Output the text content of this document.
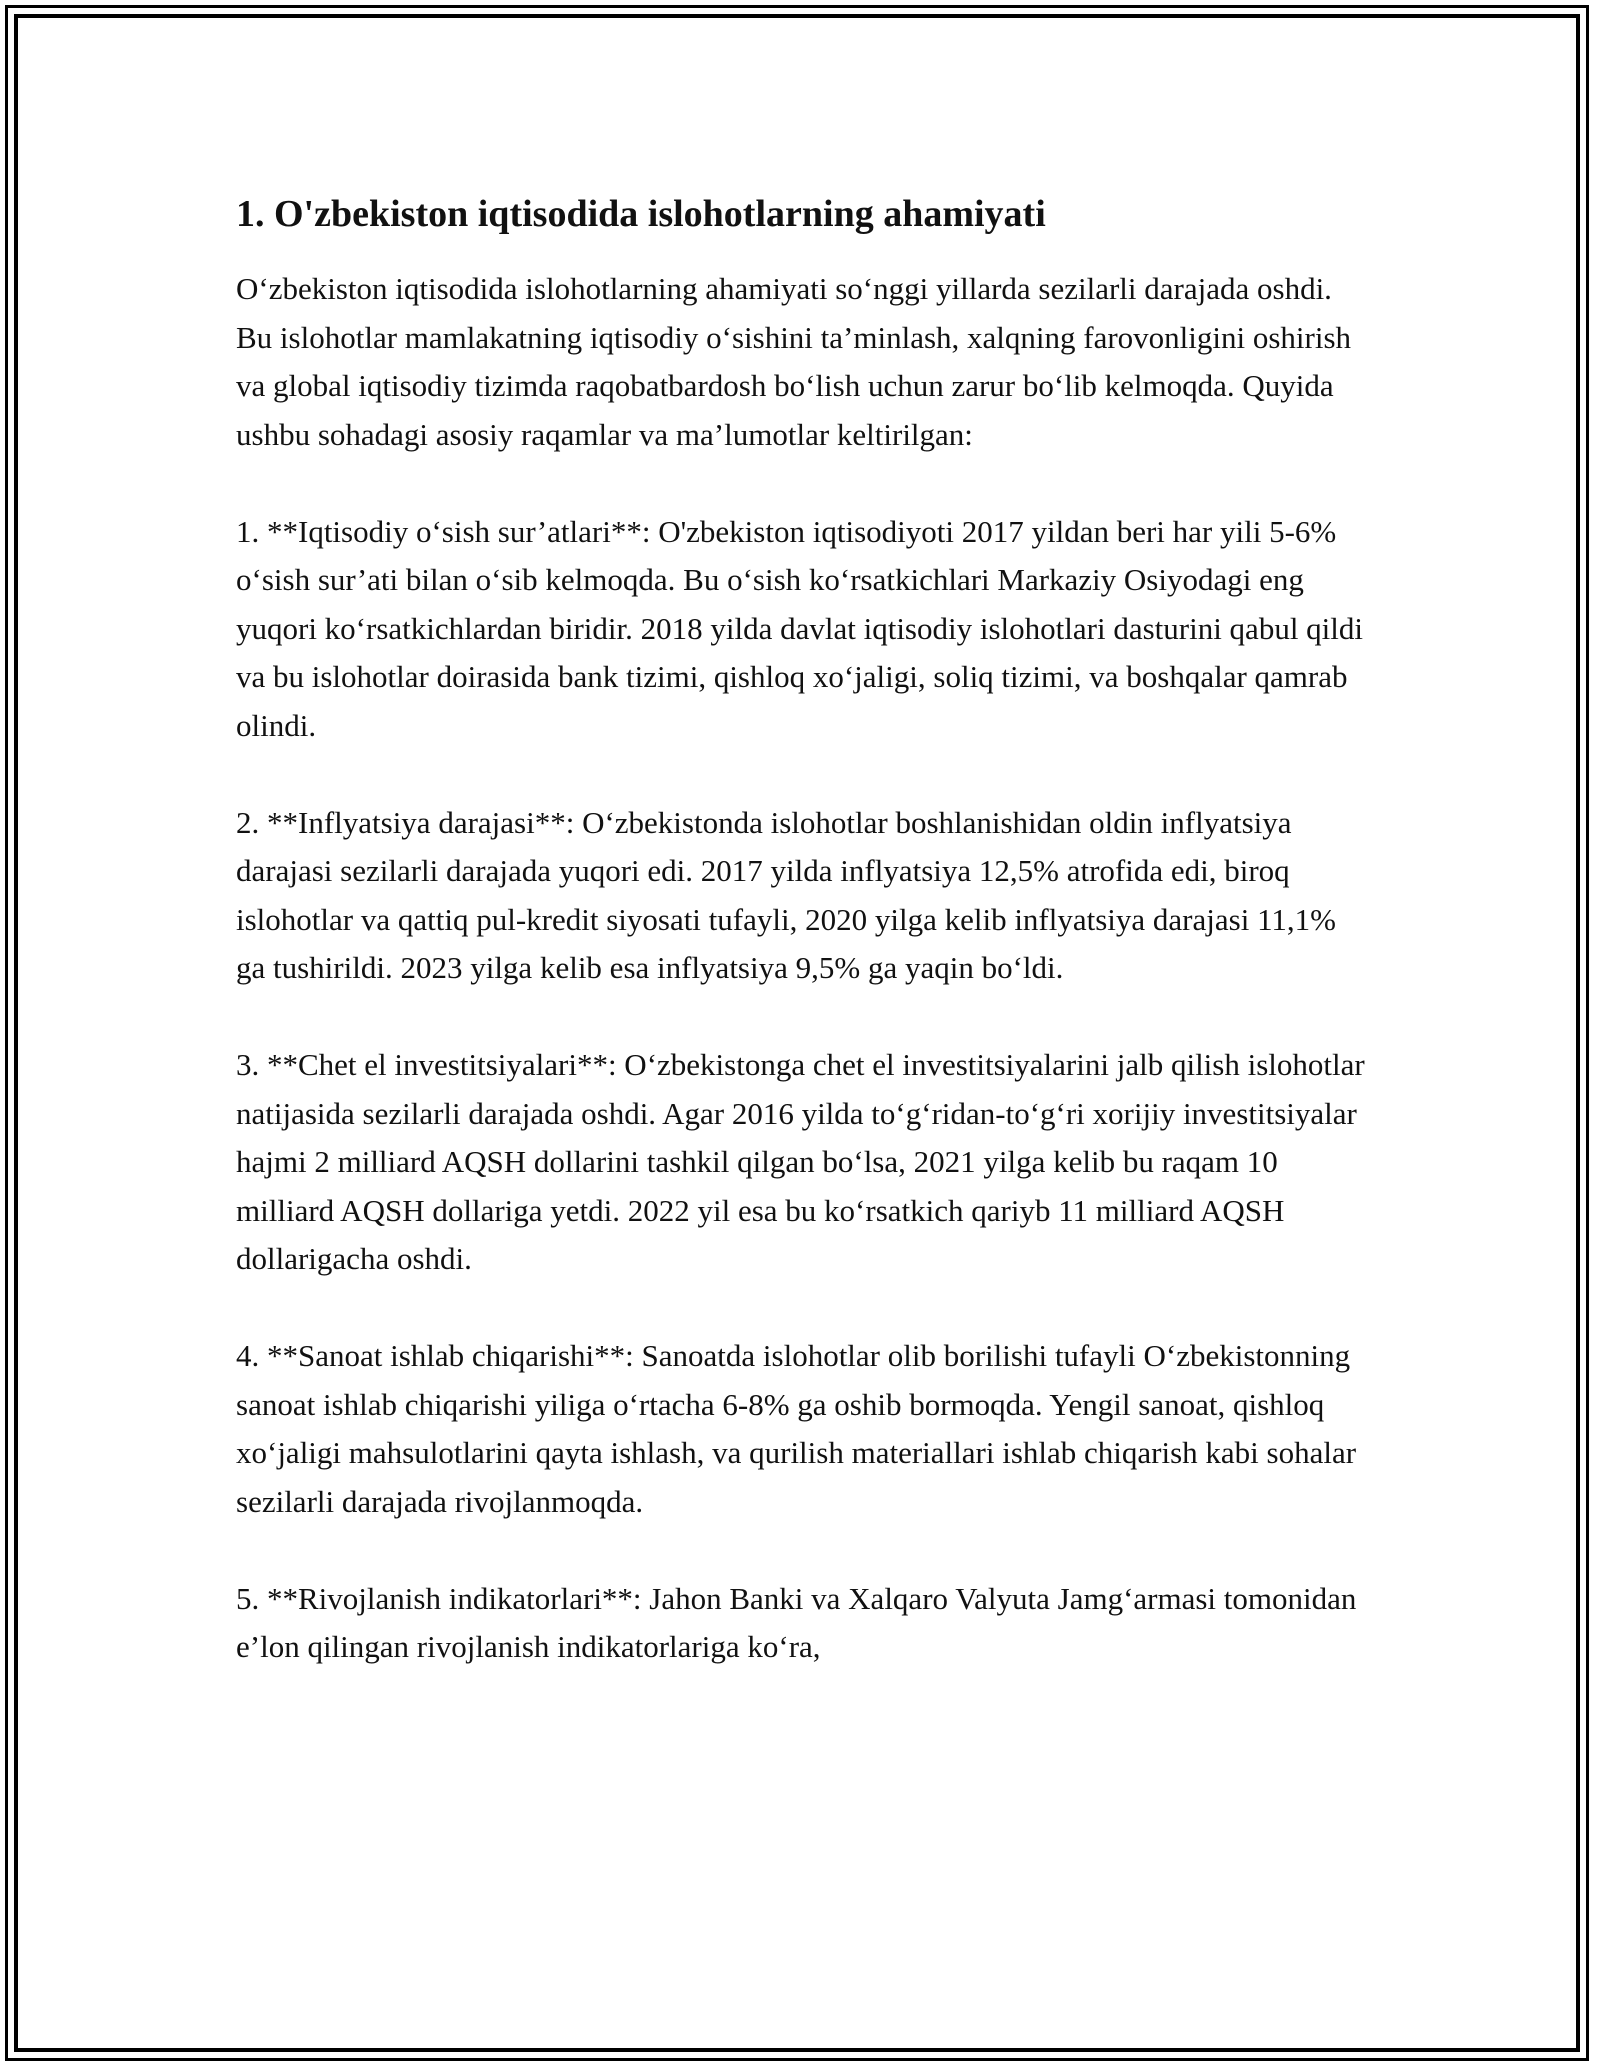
1. O'zbekiston iqtisodida islohotlarning ahamiyati

O‘zbekiston iqtisodida islohotlarning ahamiyati so‘nggi yillarda sezilarli darajada oshdi. Bu islohotlar mamlakatning iqtisodiy o‘sishini ta’minlash, xalqning farovonligini oshirish va global iqtisodiy tizimda raqobatbardosh bo‘lish uchun zarur bo‘lib kelmoqda. Quyida ushbu sohadagi asosiy raqamlar va ma’lumotlar keltirilgan:

1. **Iqtisodiy o‘sish sur’atlari**: O'zbekiston iqtisodiyoti 2017 yildan beri har yili 5-6% o‘sish sur’ati bilan o‘sib kelmoqda. Bu o‘sish ko‘rsatkichlari Markaziy Osiyodagi eng yuqori ko‘rsatkichlardan biridir. 2018 yilda davlat iqtisodiy islohotlari dasturini qabul qildi va bu islohotlar doirasida bank tizimi, qishloq xo‘jaligi, soliq tizimi, va boshqalar qamrab olindi.

2. **Inflyatsiya darajasi**: O‘zbekistonda islohotlar boshlanishidan oldin inflyatsiya darajasi sezilarli darajada yuqori edi. 2017 yilda inflyatsiya 12,5% atrofida edi, biroq islohotlar va qattiq pul-kredit siyosati tufayli, 2020 yilga kelib inflyatsiya darajasi 11,1% ga tushirildi. 2023 yilga kelib esa inflyatsiya 9,5% ga yaqin bo‘ldi.

3. **Chet el investitsiyalari**: O‘zbekistonga chet el investitsiyalarini jalb qilish islohotlar natijasida sezilarli darajada oshdi. Agar 2016 yilda to‘g‘ridan-to‘g‘ri xorijiy investitsiyalar hajmi 2 milliard AQSH dollarini tashkil qilgan bo‘lsa, 2021 yilga kelib bu raqam 10 milliard AQSH dollariga yetdi. 2022 yil esa bu ko‘rsatkich qariyb 11 milliard AQSH dollarigacha oshdi.

4. **Sanoat ishlab chiqarishi**: Sanoatda islohotlar olib borilishi tufayli O‘zbekistonning sanoat ishlab chiqarishi yiliga o‘rtacha 6-8% ga oshib bormoqda. Yengil sanoat, qishloq xo‘jaligi mahsulotlarini qayta ishlash, va qurilish materiallari ishlab chiqarish kabi sohalar sezilarli darajada rivojlanmoqda.

5. **Rivojlanish indikatorlari**: Jahon Banki va Xalqaro Valyuta Jamg‘armasi tomonidan e’lon qilingan rivojlanish indikatorlariga ko‘ra,
